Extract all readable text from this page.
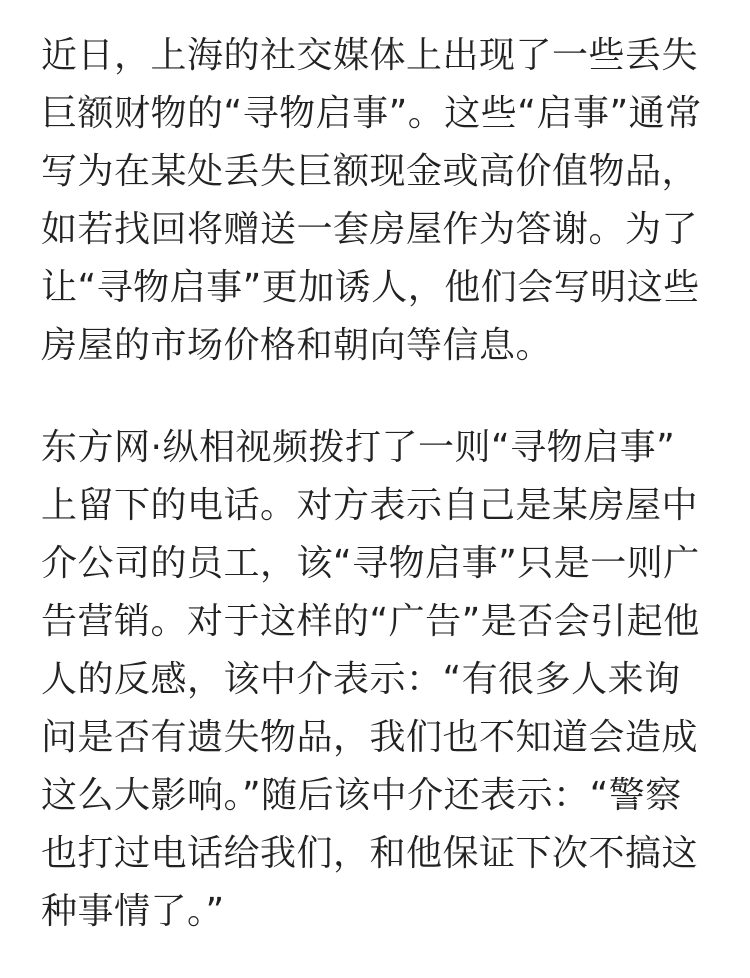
近日，上海的社交媒体上出现了一些丢失
巨额财物的“寻物启事”。这些“启事”通常
写为在某处丢失巨额现金或高价值物品，
如若找回将赠送一套房屋作为答谢。为了
让“寻物启事”更加诱人，他们会写明这些
房屋的市场价格和朝向等信息。
东方网·纵相视频拨打了一则“寻物启事”
上留下的电话。对方表示自己是某房屋中
介公司的员工，该“寻物启事”只是一则广
告营销。对于这样的“广告”是否会引起他
人的反感，该中介表示：“有很多人来询
问是否有遗失物品，我们也不知道会造成
这么大影响。”随后该中介还表示：“警察
也打过电话给我们，和他保证下次不搞这
种事情了。”
